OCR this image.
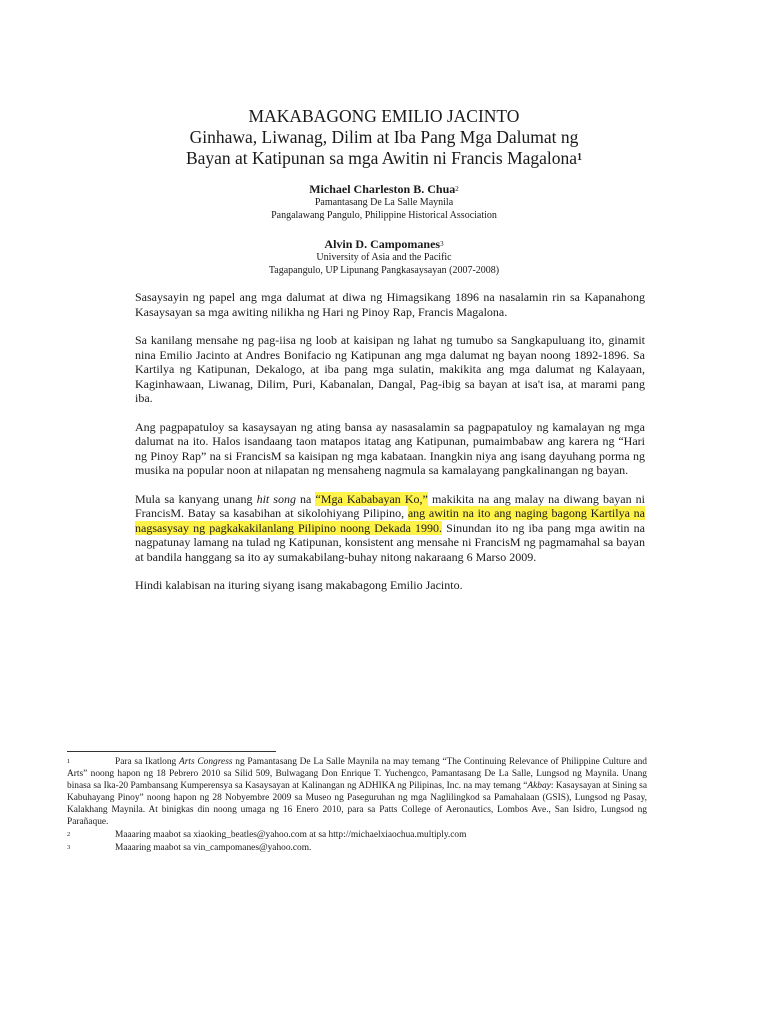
MAKABAGONG EMILIO JACINTO
Ginhawa, Liwanag, Dilim at Iba Pang Mga Dalumat ng
Bayan at Katipunan sa mga Awitin ni Francis Magalona$^1$
Michael Charleston B. Chua$^2$
Pamantasang De La Salle Maynila
Pangalawang Pangulo, Philippine Historical Association
Alvin D. Campomanes$^3$
University of Asia and the Pacific
Tagapangulo, UP Lipunang Pangkasaysayan (2007-2008)

Sasaysayin ng papel ang mga dalumat at diwa ng Himagsikang 1896 na nasalamin rin sa Kapanahong Kasaysayan sa mga awiting nilikha ng Hari ng Pinoy Rap, Francis Magalona.

Sa kanilang mensahe ng pag-iisa ng loob at kaisipan ng lahat ng tumubo sa Sangkapuluang ito, ginamit nina Emilio Jacinto at Andres Bonifacio ng Katipunan ang mga dalumat ng bayan noong 1892-1896. Sa Kartilya ng Katipunan, Dekalogo, at iba pang mga sulatin, makikita ang mga dalumat ng Kalayaan, Kaginhawaan, Liwanag, Dilim, Puri, Kabanalan, Dangal, Pag-ibig sa bayan at isa't isa, at marami pang iba.

Ang pagpapatuloy sa kasaysayan ng ating bansa ay nasasalamin sa pagpapatuloy ng kamalayan ng mga dalumat na ito. Halos isandaang taon matapos itatag ang Katipunan, pumaimbabaw ang karera ng “Hari ng Pinoy Rap” na si FrancisM sa kaisipan ng mga kabataan. Inangkin niya ang isang dayuhang porma ng musika na popular noon at nilapatan ng mensaheng nagmula sa kamalayang pangkalinangan ng bayan.

Mula sa kanyang unang hit song na “Mga Kababayan Ko,” makikita na ang malay na diwang bayan ni FrancisM. Batay sa kasabihan at sikolohiyang Pilipino, ang awitin na ito ang naging bagong Kartilya na nagsasysay ng pagkakakilanlang Pilipino noong Dekada 1990. Sinundan ito ng iba pang mga awitin na nagpatunay lamang na tulad ng Katipunan, konsistent ang mensahe ni FrancisM ng pagmamahal sa bayan at bandila hanggang sa ito ay sumakabilang-buhay nitong nakaraang 6 Marso 2009.

Hindi kalabisan na ituring siyang isang makabagong Emilio Jacinto.

1	Para sa Ikatlong Arts Congress ng Pamantasang De La Salle Maynila na may temang “The Continuing Relevance of Philippine Culture and Arts” noong hapon ng 18 Pebrero 2010 sa Silid 509, Bulwagang Don Enrique T. Yuchengco, Pamantasang De La Salle, Lungsod ng Maynila. Unang binasa sa Ika-20 Pambansang Kumperensya sa Kasaysayan at Kalinangan ng ADHIKA ng Pilipinas, Inc. na may temang “Akbay: Kasaysayan at Sining sa Kabuhayang Pinoy” noong hapon ng 28 Nobyembre 2009 sa Museo ng Paseguruhan ng mga Naglilingkod sa Pamahalaan (GSIS), Lungsod ng Pasay, Kalakhang Maynila. At binigkas din noong umaga ng 16 Enero 2010, para sa Patts College of Aeronautics, Lombos Ave., San Isidro, Lungsod ng Parañaque.
2	Maaaring maabot sa xiaoking_beatles@yahoo.com at sa http://michaelxiaochua.multiply.com
3	Maaaring maabot sa vin_campomanes@yahoo.com.
